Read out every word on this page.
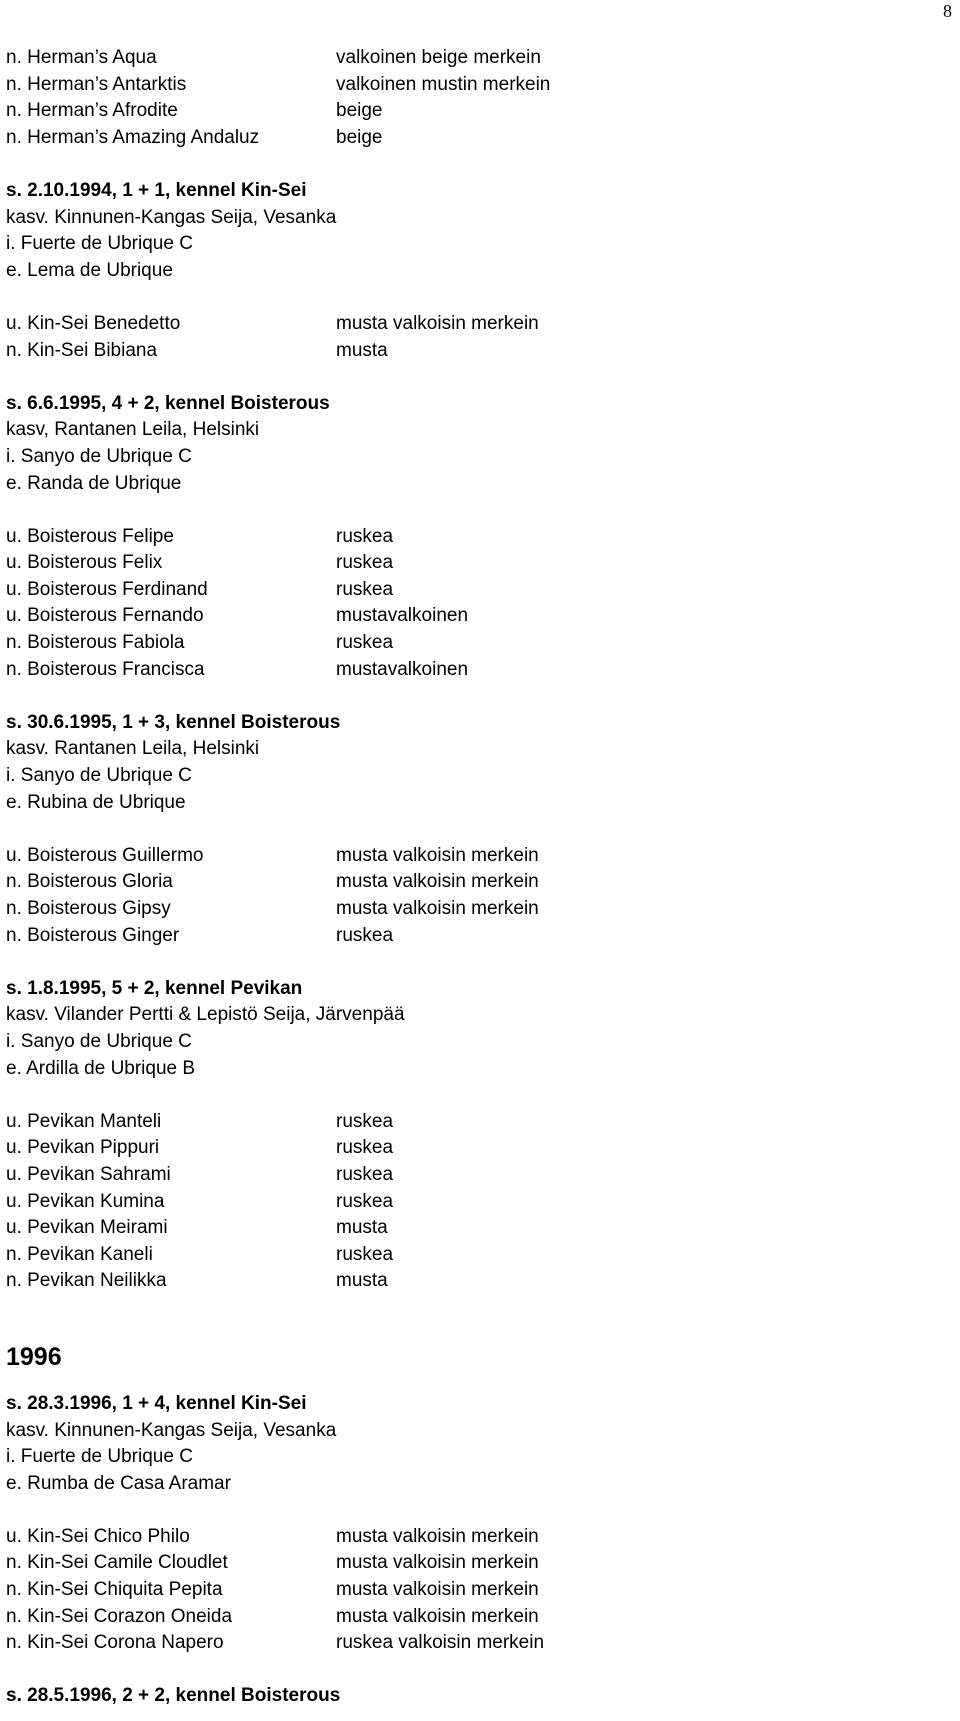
8
n. Herman’s Aqua	valkoinen beige merkein
n. Herman’s Antarktis	valkoinen mustin merkein
n. Herman’s Afrodite	beige
n. Herman’s Amazing Andaluz	beige
s. 2.10.1994, 1 + 1, kennel Kin-Sei
kasv. Kinnunen-Kangas Seija, Vesanka
i. Fuerte de Ubrique C
e. Lema de Ubrique
u. Kin-Sei Benedetto	musta valkoisin merkein
n. Kin-Sei Bibiana	musta
s. 6.6.1995, 4 + 2, kennel Boisterous
kasv, Rantanen Leila, Helsinki
i. Sanyo de Ubrique C
e. Randa de Ubrique
u. Boisterous Felipe	ruskea
u. Boisterous Felix	ruskea
u. Boisterous Ferdinand	ruskea
u. Boisterous Fernando	mustavalkoinen
n. Boisterous Fabiola	ruskea
n. Boisterous Francisca	mustavalkoinen
s. 30.6.1995, 1 + 3, kennel Boisterous
kasv. Rantanen Leila, Helsinki
i. Sanyo de Ubrique C
e. Rubina de Ubrique
u. Boisterous Guillermo	musta valkoisin merkein
n. Boisterous Gloria	musta valkoisin merkein
n. Boisterous Gipsy	musta valkoisin merkein
n. Boisterous Ginger	ruskea
s. 1.8.1995, 5 + 2, kennel Pevikan
kasv. Vilander Pertti & Lepistö Seija, Järvenpää
i. Sanyo de Ubrique C
e. Ardilla de Ubrique B
u. Pevikan Manteli	ruskea
u. Pevikan Pippuri	ruskea
u. Pevikan Sahrami	ruskea
u. Pevikan Kumina	ruskea
u. Pevikan Meirami	musta
n. Pevikan Kaneli	ruskea
n. Pevikan Neilikka	musta
1996
s. 28.3.1996, 1 + 4, kennel Kin-Sei
kasv. Kinnunen-Kangas Seija, Vesanka
i. Fuerte de Ubrique C
e. Rumba de Casa Aramar
u. Kin-Sei Chico Philo	musta valkoisin merkein
n. Kin-Sei Camile Cloudlet	musta valkoisin merkein
n. Kin-Sei Chiquita Pepita	musta valkoisin merkein
n. Kin-Sei Corazon Oneida	musta valkoisin merkein
n. Kin-Sei Corona Napero	ruskea valkoisin merkein
s. 28.5.1996, 2 + 2, kennel Boisterous
